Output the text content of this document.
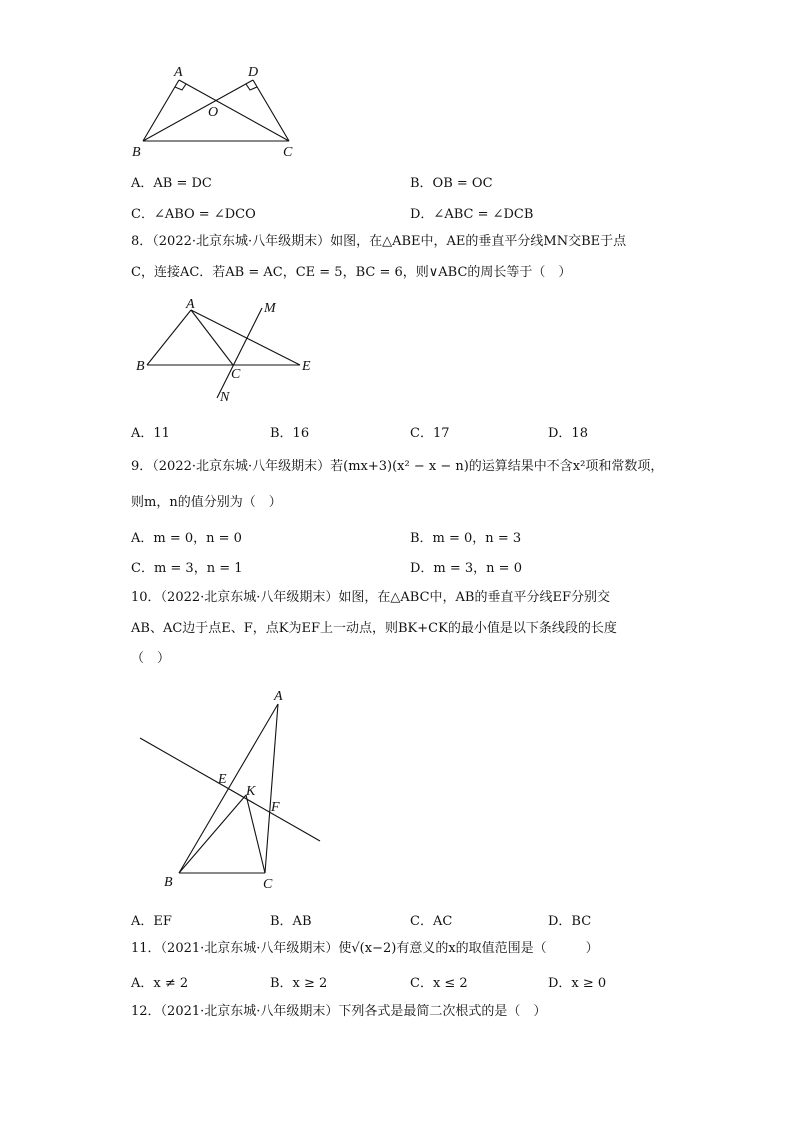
A	D
O
B	C
A．AB = DC	B．OB = OC
C．∠ABO = ∠DCO	D．∠ABC = ∠DCB
8．（2022·北京东城·八年级期末）如图，在△ABE中，AE的垂直平分线MN交BE于点
C，连接AC．若AB = AC，CE = 5，BC = 6，则∨ABC的周长等于（　）
A	M
B
C
E
N
A．11	B．16	C．17	D．18
9．（2022·北京东城·八年级期末）若(mx+3)(x² − x − n)的运算结果中不含x²项和常数项，
则m，n的值分别为（　）
A．m = 0，n = 0	B．m = 0，n = 3
C．m = 3，n = 1	D．m = 3，n = 0
10．（2022·北京东城·八年级期末）如图，在△ABC中，AB的垂直平分线EF分别交
AB、AC边于点E、F，点K为EF上一动点，则BK+CK的最小值是以下条线段的长度
（　）
A
E
K
F
B	C
A．EF	B．AB	C．AC	D．BC
11．（2021·北京东城·八年级期末）使√(x−2)有意义的x的取值范围是（　　　）
A．x ≠ 2	B．x ≥ 2	C．x ≤ 2	D．x ≥ 0
12．（2021·北京东城·八年级期末）下列各式是最简二次根式的是（　）
